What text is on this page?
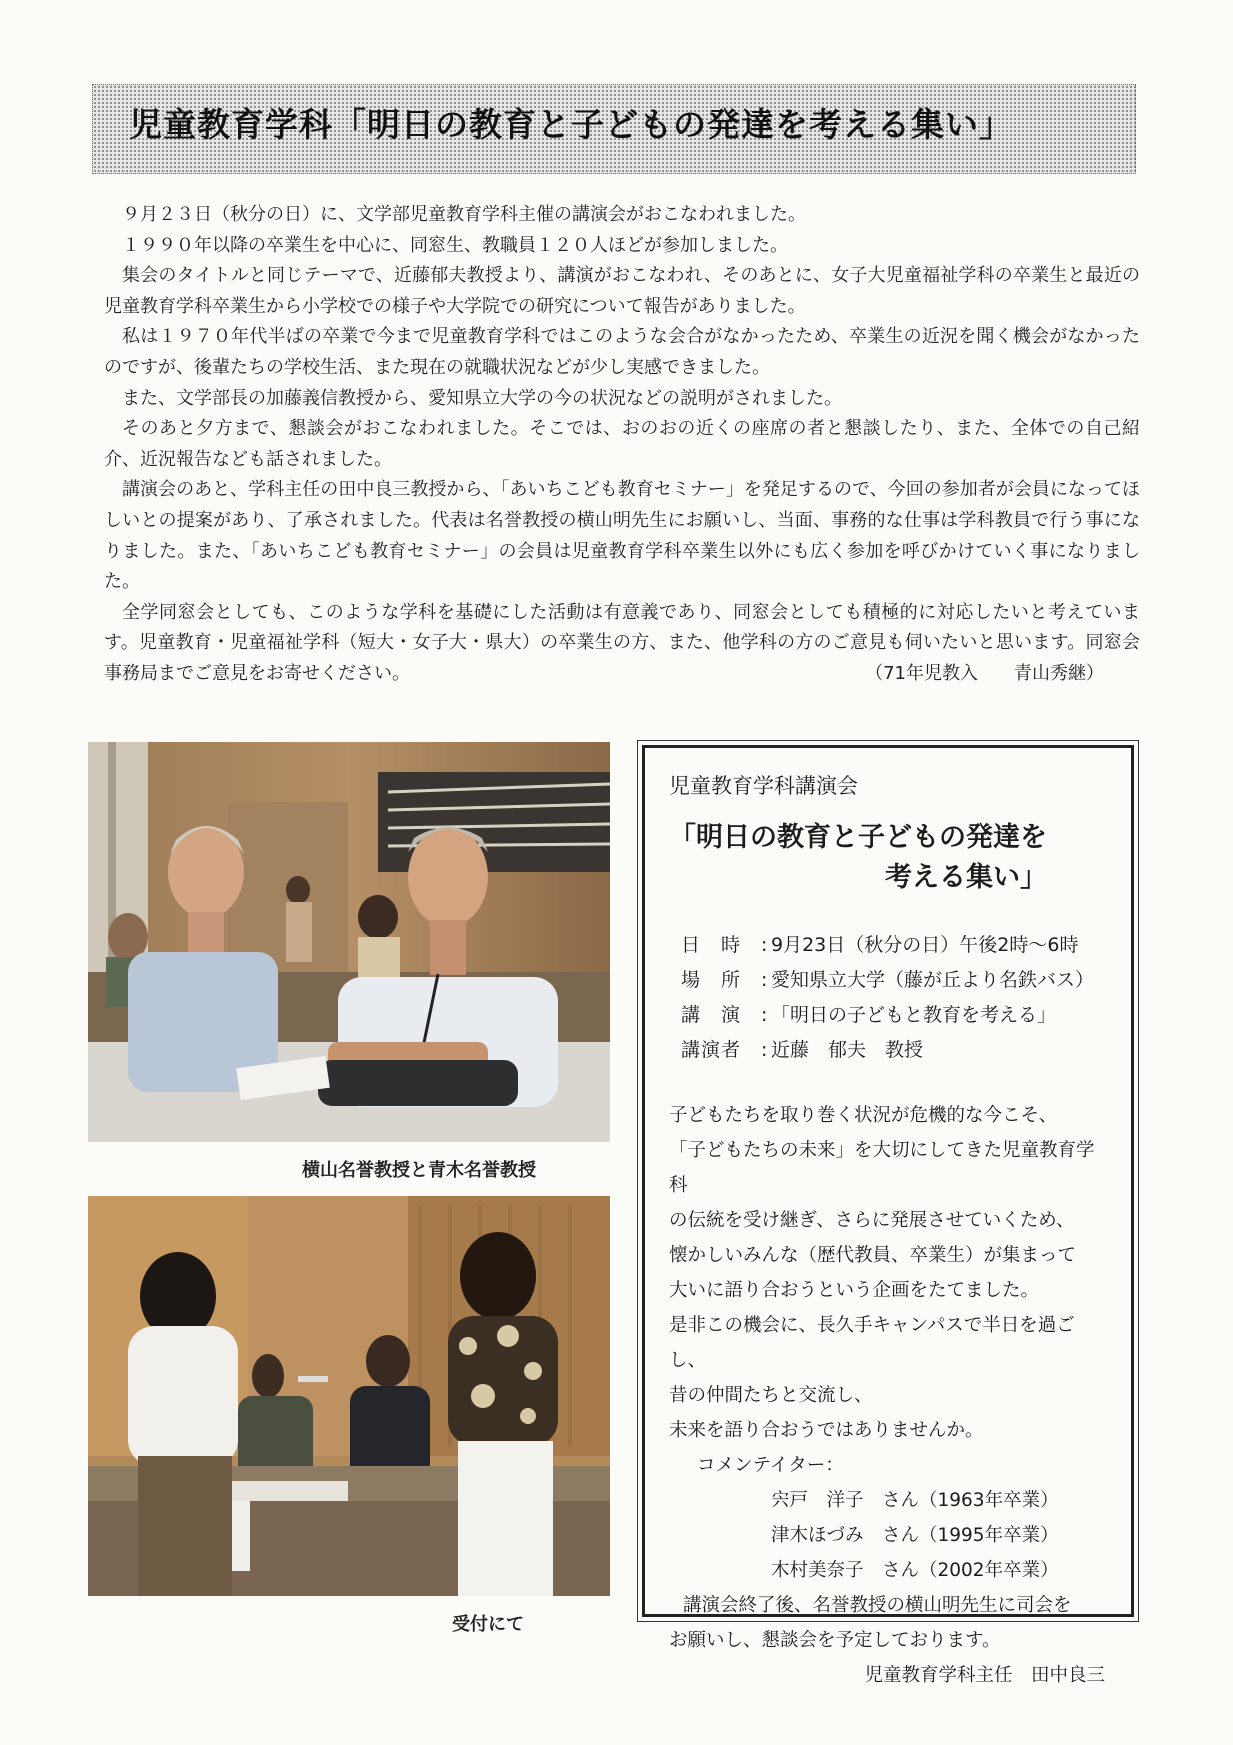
児童教育学科「明日の教育と子どもの発達を考える集い」

９月２３日（秋分の日）に、文学部児童教育学科主催の講演会がおこなわれました。

１９９０年以降の卒業生を中心に、同窓生、教職員１２０人ほどが参加しました。

集会のタイトルと同じテーマで、近藤郁夫教授より、講演がおこなわれ、そのあとに、女子大児童福祉学科の卒業生と最近の児童教育学科卒業生から小学校での様子や大学院での研究について報告がありました。

私は１９７０年代半ばの卒業で今まで児童教育学科ではこのような会合がなかったため、卒業生の近況を聞く機会がなかったのですが、後輩たちの学校生活、また現在の就職状況などが少し実感できました。

また、文学部長の加藤義信教授から、愛知県立大学の今の状況などの説明がされました。

そのあと夕方まで、懇談会がおこなわれました。そこでは、おのおの近くの座席の者と懇談したり、また、全体での自己紹介、近況報告なども話されました。

講演会のあと、学科主任の田中良三教授から、「あいちこども教育セミナー」を発足するので、今回の参加者が会員になってほしいとの提案があり、了承されました。代表は名誉教授の横山明先生にお願いし、当面、事務的な仕事は学科教員で行う事になりました。また、「あいちこども教育セミナー」の会員は児童教育学科卒業生以外にも広く参加を呼びかけていく事になりました。

全学同窓会としても、このような学科を基礎にした活動は有意義であり、同窓会としても積極的に対応したいと考えています。児童教育・児童福祉学科（短大・女子大・県大）の卒業生の方、また、他学科の方のご意見も伺いたいと思います。同窓会事務局までご意見をお寄せください。	（71年児教入　　青山秀継）

横山名誉教授と青木名誉教授
受付にて
児童教育学科講演会
「明日の教育と子どもの発達を
考える集い」
日　時	: 9月23日（秋分の日）午後2時～6時
場　所	: 愛知県立大学（藤が丘より名鉄バス）
講　演	: 「明日の子どもと教育を考える」
講演者	: 近藤　郁夫　教授
子どもたちを取り巻く状況が危機的な今こそ、
「子どもたちの未来」を大切にしてきた児童教育学科
の伝統を受け継ぎ、さらに発展させていくため、
懐かしいみんな（歴代教員、卒業生）が集まって
大いに語り合おうという企画をたてました。
是非この機会に、長久手キャンパスで半日を過ごし、
昔の仲間たちと交流し、
未来を語り合おうではありませんか。
コメンテイター：
宍戸　洋子　さん（1963年卒業）
津木ほづみ　さん（1995年卒業）
木村美奈子　さん（2002年卒業）
講演会終了後、名誉教授の横山明先生に司会を
お願いし、懇談会を予定しております。
児童教育学科主任　田中良三
